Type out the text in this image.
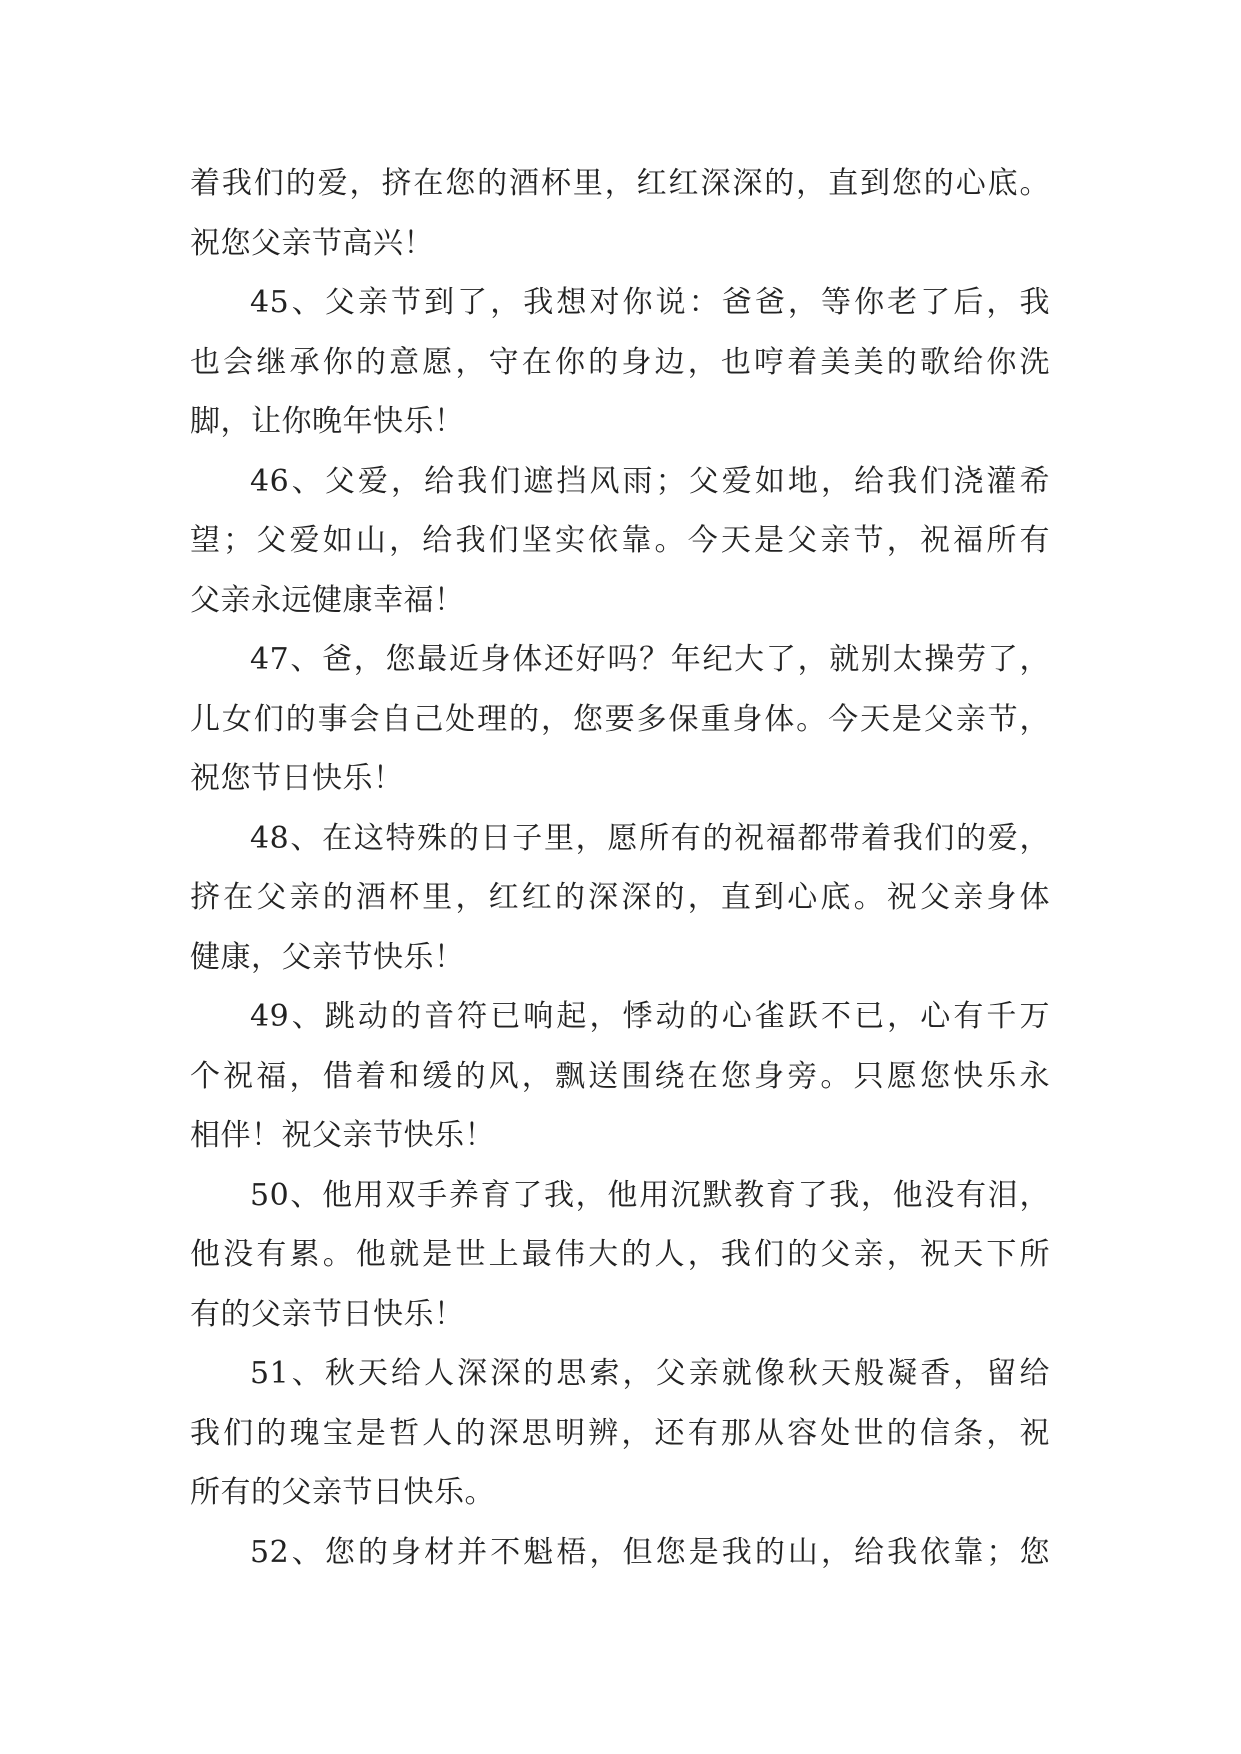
着我们的爱，挤在您的酒杯里，红红深深的，直到您的心底。
祝您父亲节高兴！
45、父亲节到了，我想对你说：爸爸，等你老了后，我
也会继承你的意愿，守在你的身边，也哼着美美的歌给你洗
脚，让你晚年快乐！
46、父爱，给我们遮挡风雨；父爱如地，给我们浇灌希
望；父爱如山，给我们坚实依靠。今天是父亲节，祝福所有
父亲永远健康幸福！
47、爸，您最近身体还好吗？年纪大了，就别太操劳了，
儿女们的事会自己处理的，您要多保重身体。今天是父亲节，
祝您节日快乐！
48、在这特殊的日子里，愿所有的祝福都带着我们的爱，
挤在父亲的酒杯里，红红的深深的，直到心底。祝父亲身体
健康，父亲节快乐！
49、跳动的音符已响起，悸动的心雀跃不已，心有千万
个祝福，借着和缓的风，飘送围绕在您身旁。只愿您快乐永
相伴！祝父亲节快乐！
50、他用双手养育了我，他用沉默教育了我，他没有泪，
他没有累。他就是世上最伟大的人，我们的父亲，祝天下所
有的父亲节日快乐！
51、秋天给人深深的思索，父亲就像秋天般凝香，留给
我们的瑰宝是哲人的深思明辨，还有那从容处世的信条，祝
所有的父亲节日快乐。
52、您的身材并不魁梧，但您是我的山，给我依靠；您
